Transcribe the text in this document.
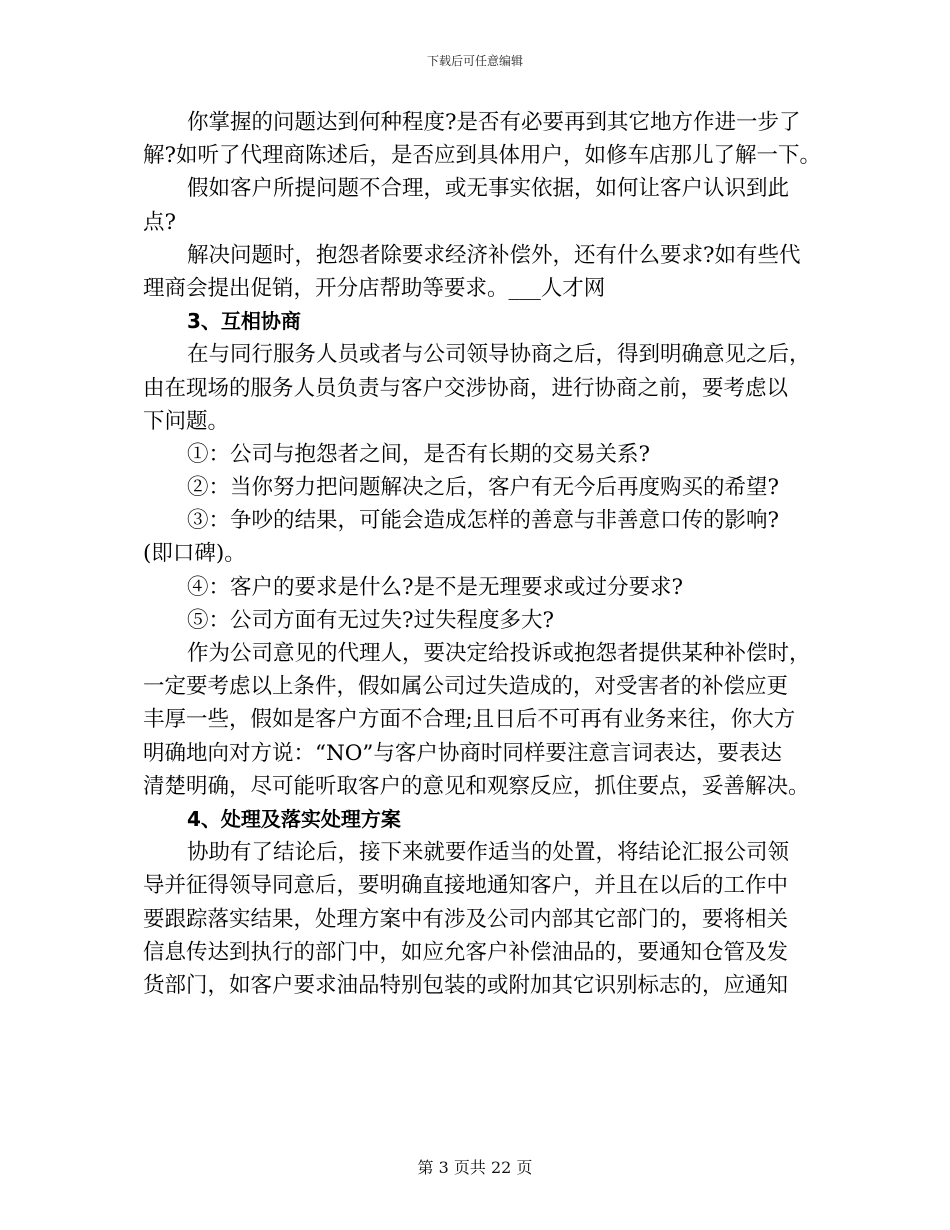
下载后可任意编辑
你掌握的问题达到何种程度?是否有必要再到其它地方作进一步了
解?如听了代理商陈述后，是否应到具体用户，如修车店那儿了解一下。
假如客户所提问题不合理，或无事实依据，如何让客户认识到此
点?
解决问题时，抱怨者除要求经济补偿外，还有什么要求?如有些代
理商会提出促销，开分店帮助等要求。___人才网
3、互相协商
在与同行服务人员或者与公司领导协商之后，得到明确意见之后，
由在现场的服务人员负责与客户交涉协商，进行协商之前，要考虑以
下问题。
①：公司与抱怨者之间，是否有长期的交易关系?
②：当你努力把问题解决之后，客户有无今后再度购买的希望?
③：争吵的结果，可能会造成怎样的善意与非善意口传的影响?
(即口碑)。
④：客户的要求是什么?是不是无理要求或过分要求?
⑤：公司方面有无过失?过失程度多大?
作为公司意见的代理人，要决定给投诉或抱怨者提供某种补偿时，
一定要考虑以上条件，假如属公司过失造成的，对受害者的补偿应更
丰厚一些，假如是客户方面不合理;且日后不可再有业务来往，你大方
明确地向对方说：“NO”与客户协商时同样要注意言词表达，要表达
清楚明确，尽可能听取客户的意见和观察反应，抓住要点，妥善解决。
4、处理及落实处理方案
协助有了结论后，接下来就要作适当的处置，将结论汇报公司领
导并征得领导同意后，要明确直接地通知客户，并且在以后的工作中
要跟踪落实结果，处理方案中有涉及公司内部其它部门的，要将相关
信息传达到执行的部门中，如应允客户补偿油品的，要通知仓管及发
货部门，如客户要求油品特别包装的或附加其它识别标志的，应通知
第 3 页共 22 页
